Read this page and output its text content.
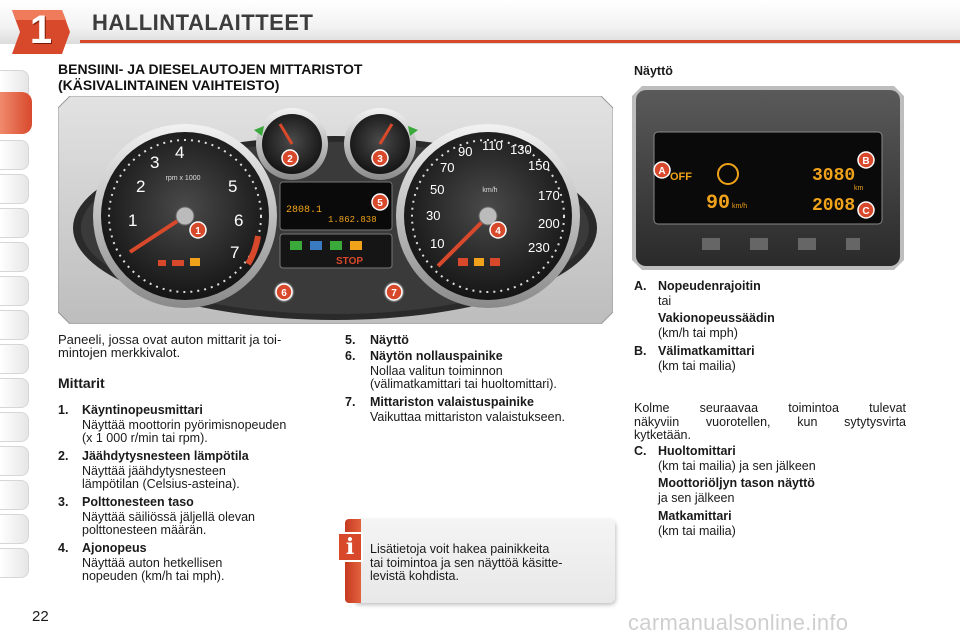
1	HALLINTALAITTEET
BENSIINI- JA DIESELAUTOJEN MITTARISTOT
(KÄSIVALINTAINEN VAIHTEISTO)
rpm x 1000
1
2
3
4
5
6
7
km/h
10
30
50
70
90 110 130
150
170
200
230
2808.1
1.862.838
STOP
1
2	3
4
5
6	7
Paneeli, jossa ovat auton mittarit ja toi-
mintojen merkkivalot.
Mittarit
1. Käyntinopeusmittari
Näyttää moottorin pyörimisnopeuden
(x 1 000 r/min tai rpm).
2. Jäähdytysnesteen lämpötila
Näyttää jäähdytysnesteen
lämpötilan (Celsius-asteina).
3. Polttonesteen taso
Näyttää säiliössä jäljellä olevan
polttonesteen määrän.
4. Ajonopeus
Näyttää auton hetkellisen
nopeuden (km/h tai mph).
5. Näyttö
6. Näytön nollauspainike
Nollaa valitun toiminnon
(välimatkamittari tai huoltomittari).
7. Mittariston valaistuspainike
Vaikuttaa mittariston valaistukseen.
i	Lisätietoja voit hakea painikkeita
tai toimintoa ja sen näyttöä käsitte-
levistä kohdista.
Näyttö
OFF
90 km/h
3080
km
2008
A
B
C
A. Nopeudenrajoitin
tai
Vakionopeussäädin
(km/h tai mph)
B. Välimatkamittari
(km tai mailia)
Kolme seuraavaa toimintoa tulevat
näkyviin vuorotellen, kun sytytysvirta
kytketään.
C. Huoltomittari
(km tai mailia) ja sen jälkeen
Moottoriöljyn tason näyttö
ja sen jälkeen
Matkamittari
(km tai mailia)
22	carmanualsonline.info
